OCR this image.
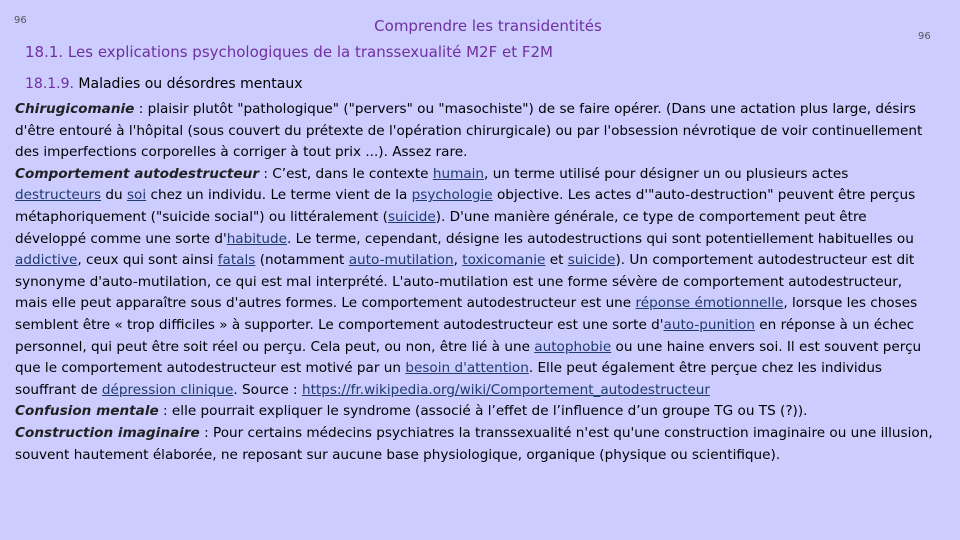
96
96
Comprendre les transidentités
18.1. Les explications psychologiques de la transsexualité M2F et F2M
18.1.9. Maladies ou désordres mentaux

Chirugicomanie : plaisir plutôt "pathologique" ("pervers" ou "masochiste") de se faire opérer. (Dans une actation plus large, désirs d'être entouré à l'hôpital (sous couvert du prétexte de l'opération chirurgicale) ou par l'obsession névrotique de voir continuellement des imperfections corporelles à corriger à tout prix ...). Assez rare.

Comportement autodestructeur : C’est, dans le contexte humain, un terme utilisé pour désigner un ou plusieurs actes destructeurs du soi chez un individu. Le terme vient de la psychologie objective. Les actes d'"auto-destruction" peuvent être perçus métaphoriquement ("suicide social") ou littéralement (suicide). D'une manière générale, ce type de comportement peut être développé comme une sorte d'habitude. Le terme, cependant, désigne les autodestructions qui sont potentiellement habituelles ou addictive, ceux qui sont ainsi fatals (notamment auto-mutilation, toxicomanie et suicide). Un comportement autodestructeur est dit synonyme d'auto-mutilation, ce qui est mal interprété. L'auto-mutilation est une forme sévère de comportement autodestructeur, mais elle peut apparaître sous d'autres formes. Le comportement autodestructeur est une réponse émotionnelle, lorsque les choses semblent être « trop difficiles » à supporter. Le comportement autodestructeur est une sorte d'auto-punition en réponse à un échec personnel, qui peut être soit réel ou perçu. Cela peut, ou non, être lié à une autophobie ou une haine envers soi. Il est souvent perçu que le comportement autodestructeur est motivé par un besoin d'attention. Elle peut également être perçue chez les individus souffrant de dépression clinique. Source : https://fr.wikipedia.org/wiki/Comportement_autodestructeur

Confusion mentale : elle pourrait expliquer le syndrome (associé à l’effet de l’influence d’un groupe TG ou TS (?)).

Construction imaginaire : Pour certains médecins psychiatres la transsexualité n'est qu'une construction imaginaire ou une illusion, souvent hautement élaborée, ne reposant sur aucune base physiologique, organique (physique ou scientifique).
